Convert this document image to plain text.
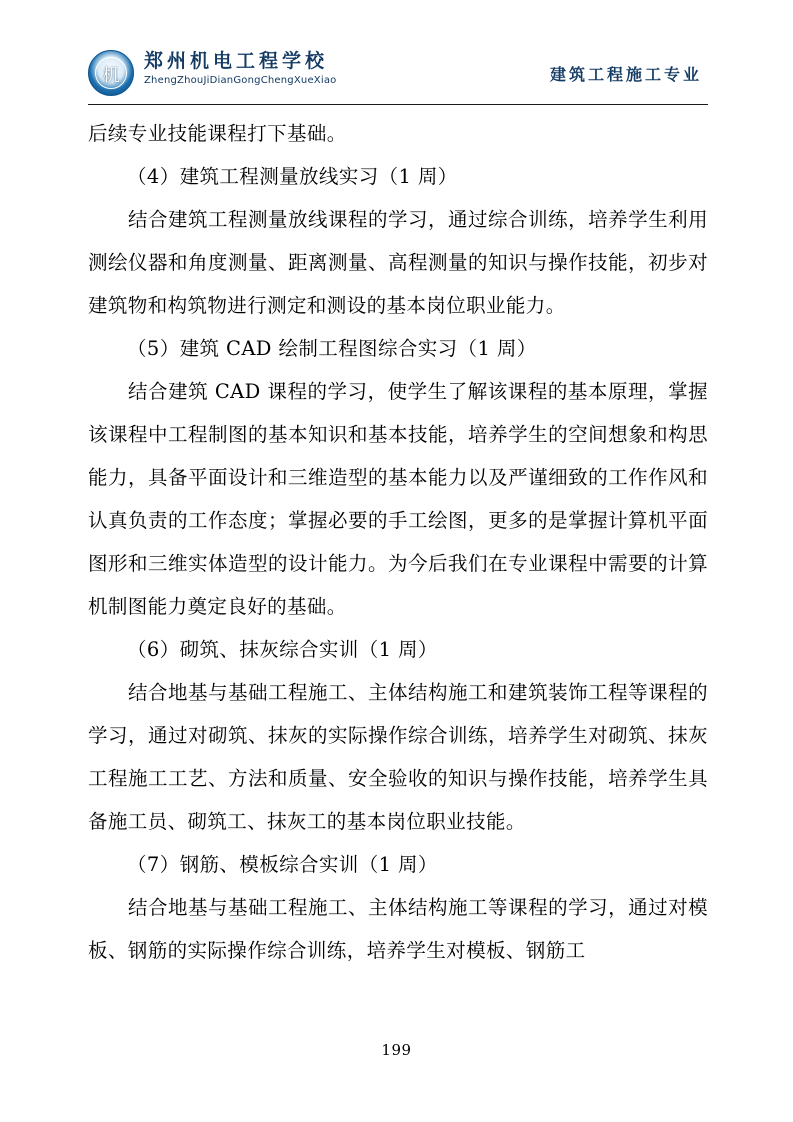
机
郑州机电工程学校
ZhengZhouJiDianGongChengXueXiao	建筑工程施工专业

后续专业技能课程打下基础。

（4）建筑工程测量放线实习（1 周）

结合建筑工程测量放线课程的学习，通过综合训练，培养学生利用测绘仪器和角度测量、距离测量、高程测量的知识与操作技能，初步对建筑物和构筑物进行测定和测设的基本岗位职业能力。

（5）建筑 CAD 绘制工程图综合实习（1 周）

结合建筑 CAD 课程的学习，使学生了解该课程的基本原理，掌握该课程中工程制图的基本知识和基本技能，培养学生的空间想象和构思能力，具备平面设计和三维造型的基本能力以及严谨细致的工作作风和认真负责的工作态度；掌握必要的手工绘图，更多的是掌握计算机平面图形和三维实体造型的设计能力。为今后我们在专业课程中需要的计算机制图能力奠定良好的基础。

（6）砌筑、抹灰综合实训（1 周）

结合地基与基础工程施工、主体结构施工和建筑装饰工程等课程的学习，通过对砌筑、抹灰的实际操作综合训练，培养学生对砌筑、抹灰工程施工工艺、方法和质量、安全验收的知识与操作技能，培养学生具备施工员、砌筑工、抹灰工的基本岗位职业技能。

（7）钢筋、模板综合实训（1 周）

结合地基与基础工程施工、主体结构施工等课程的学习，通过对模板、钢筋的实际操作综合训练，培养学生对模板、钢筋工

199
